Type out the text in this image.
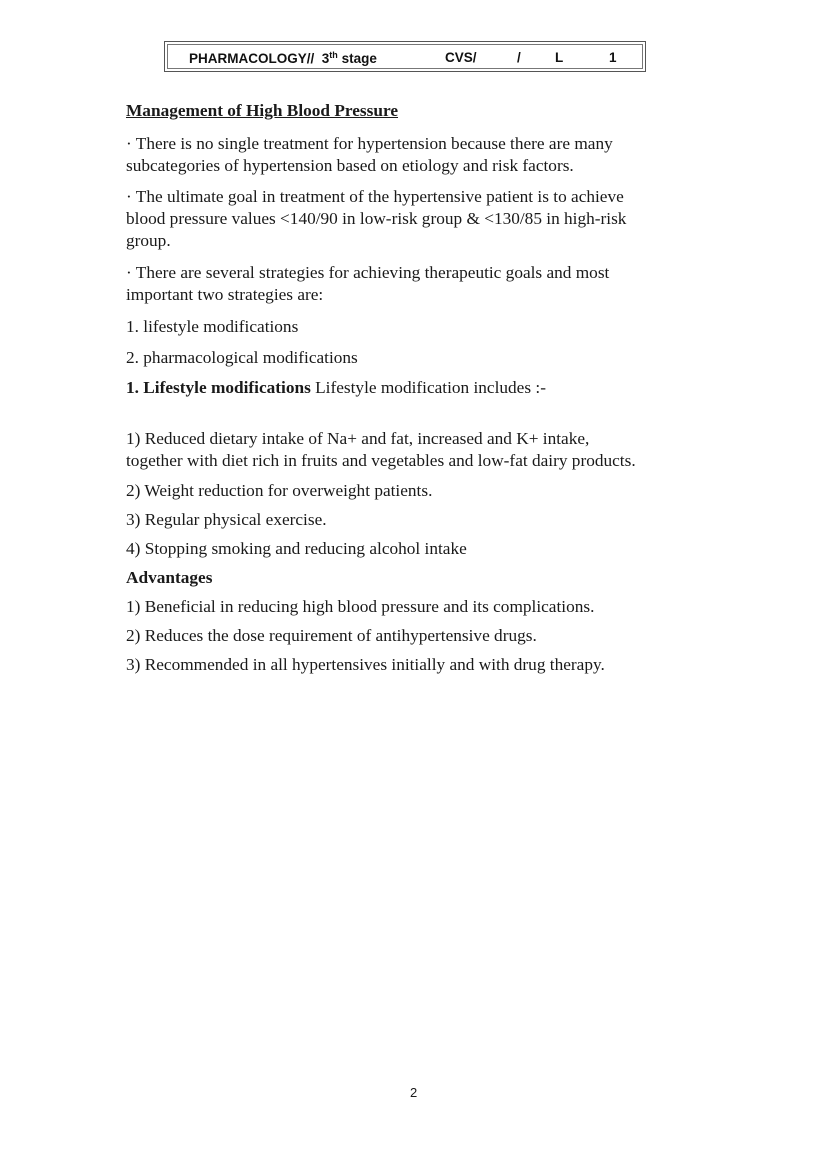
PHARMACOLOGY// 3th stage	CVS/	/	L	1
Management of High Blood Pressure
· There is no single treatment for hypertension because there are many
subcategories of hypertension based on etiology and risk factors.
· The ultimate goal in treatment of the hypertensive patient is to achieve
blood pressure values <140/90 in low-risk group & <130/85 in high-risk
group.
· There are several strategies for achieving therapeutic goals and most
important two strategies are:
1. lifestyle modifications
2. pharmacological modifications
1. Lifestyle modifications Lifestyle modification includes :-
1) Reduced dietary intake of Na+ and fat, increased and K+ intake,
together with diet rich in fruits and vegetables and low-fat dairy products.
2) Weight reduction for overweight patients.
3) Regular physical exercise.
4) Stopping smoking and reducing alcohol intake
Advantages
1) Beneficial in reducing high blood pressure and its complications.
2) Reduces the dose requirement of antihypertensive drugs.
3) Recommended in all hypertensives initially and with drug therapy.
2
